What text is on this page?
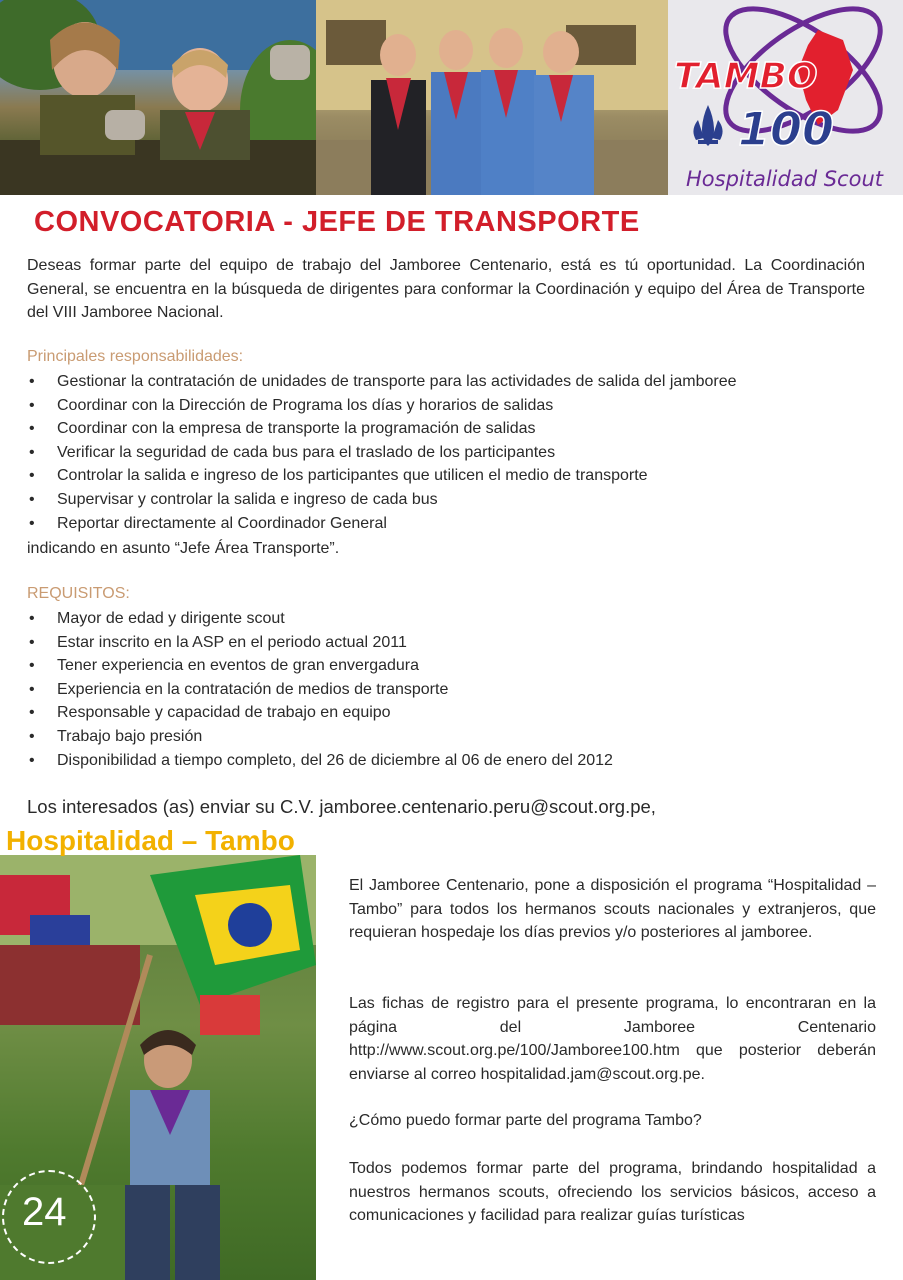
TAMBO
100
Hospitalidad Scout
CONVOCATORIA - JEFE DE TRANSPORTE

Deseas formar parte del equipo de trabajo del Jamboree Centenario, está es tú oportunidad. La Coordinación General, se encuentra en la búsqueda de dirigentes para conformar la Coordinación y equipo del Área de Transporte del VIII Jamboree Nacional.

Principales responsabilidades:

• Gestionar la contratación de unidades de transporte para las actividades de salida del jamboree
• Coordinar con la Dirección de Programa los días y horarios de salidas
• Coordinar con la empresa de transporte la programación de salidas
• Verificar la seguridad de cada bus para el traslado de los participantes
• Controlar la salida e ingreso de los participantes que utilicen el medio de transporte
• Supervisar y controlar la salida e ingreso de cada bus
• Reportar directamente al Coordinador General

indicando en asunto “Jefe Área Transporte”.

REQUISITOS:

• Mayor de edad y dirigente scout
• Estar inscrito en la ASP en el periodo actual 2011
• Tener experiencia en eventos de gran envergadura
• Experiencia en la contratación de medios de transporte
• Responsable y capacidad de trabajo en equipo
• Trabajo bajo presión
• Disponibilidad a tiempo completo, del 26 de diciembre al 06 de enero del 2012

Los interesados (as) enviar su C.V. jamboree.centenario.peru@scout.org.pe,

24

Hospitalidad – Tambo

El Jamboree Centenario, pone a disposición el programa “Hospitalidad – Tambo” para todos los hermanos scouts nacionales y extranjeros, que requieran hospedaje los días previos y/o posteriores al jamboree.

Las fichas de registro para el presente programa, lo encontraran en la página del Jamboree Centenario http://www.scout.org.pe/100/Jamboree100.htm que posterior deberán enviarse al correo hospitalidad.jam@scout.org.pe.

¿Cómo puedo formar parte del programa Tambo?

Todos podemos formar parte del programa, brindando hospitalidad a nuestros hermanos scouts, ofreciendo los servicios básicos, acceso a comunicaciones y facilidad para realizar guías turísticas
